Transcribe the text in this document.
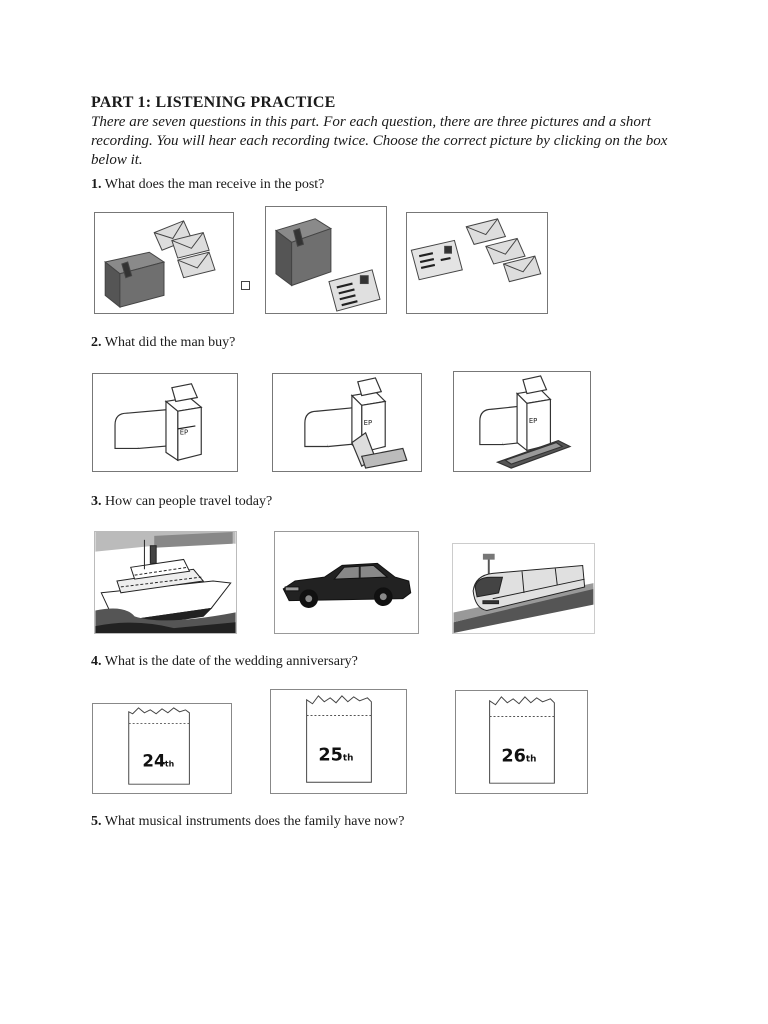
PART 1: LISTENING PRACTICE
There are seven questions in this part. For each question, there are three pictures and a short recording. You will hear each recording twice. Choose the correct picture by clicking on the box below it.
1. What does the man receive in the post?
2. What did the man buy?
EP
EP	EP
3. How can people travel today?
4. What is the date of the wedding anniversary?
24 th	25 th	26 th
5. What musical instruments does the family have now?
